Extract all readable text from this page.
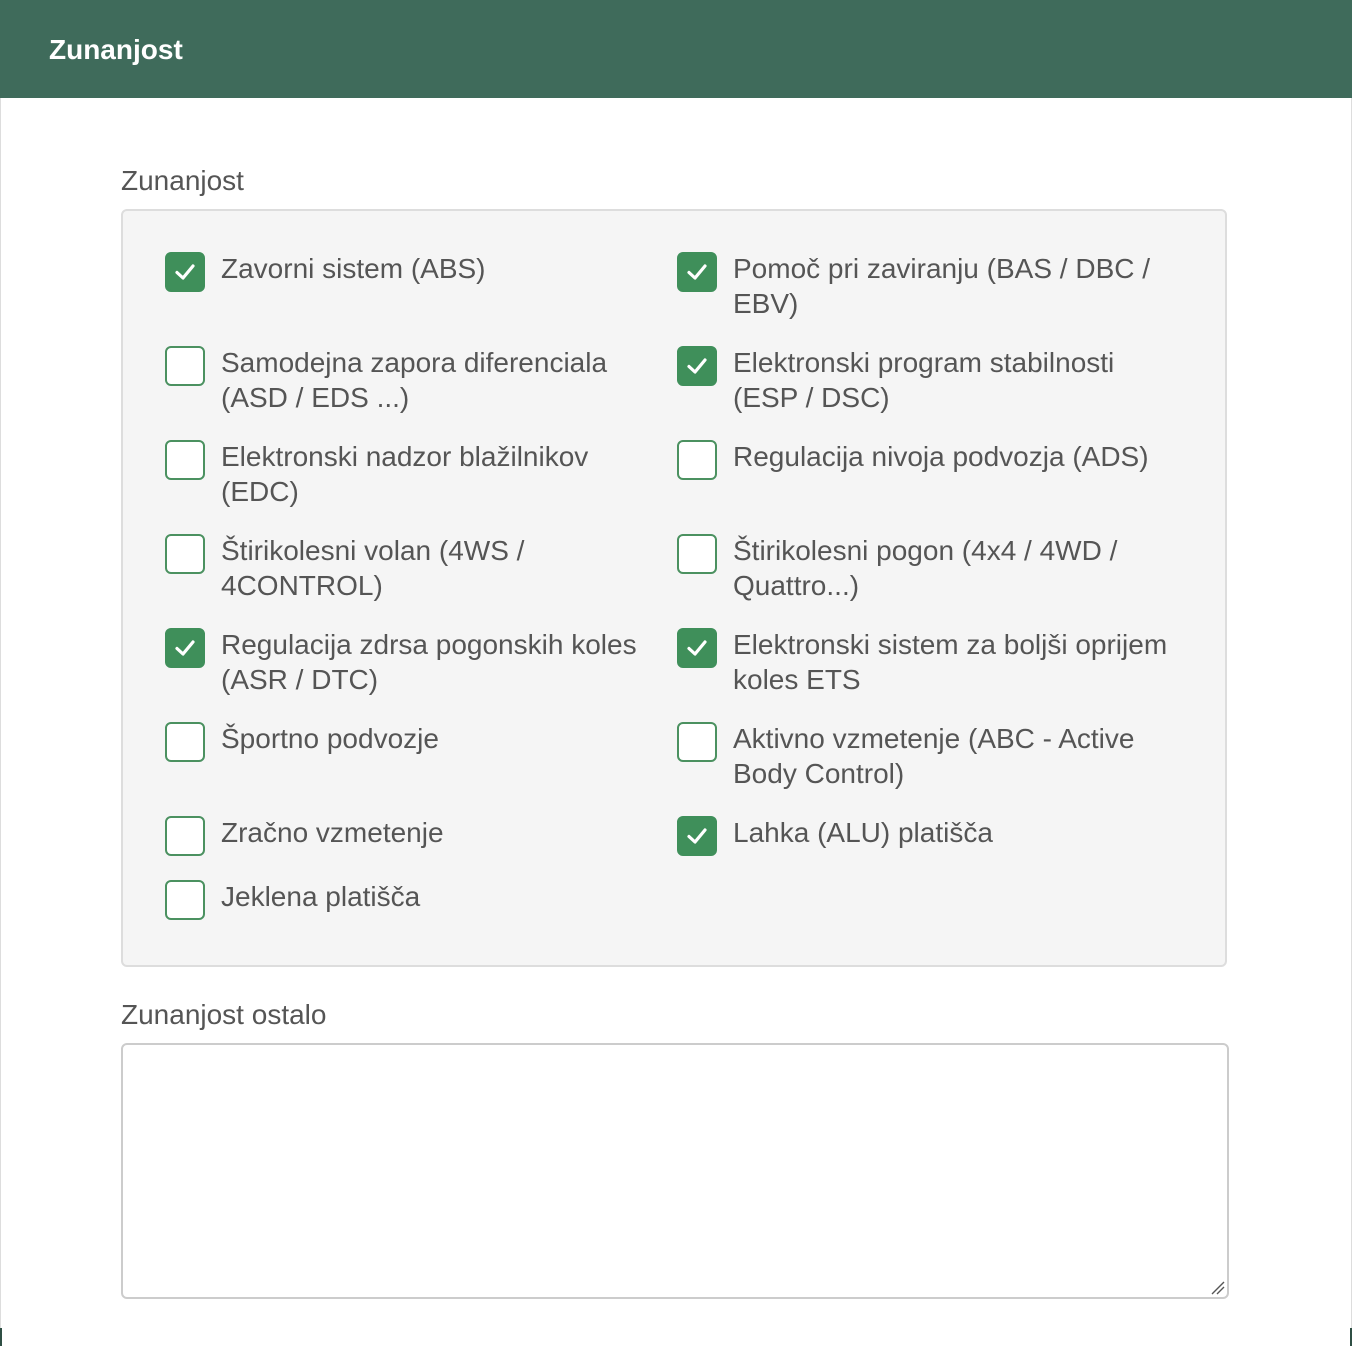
Zunanjost
Zunanjost
Zavorni sistem (ABS)	Pomoč pri zaviranju (BAS / DBC / EBV)
Samodejna zapora diferenciala (ASD / EDS ...)
Elektronski program stabilnosti (ESP / DSC)
Elektronski nadzor blažilnikov (EDC)
Regulacija nivoja podvozja (ADS)
Štirikolesni volan (4WS / 4CONTROL)
Štirikolesni pogon (4x4 / 4WD / Quattro...)
Regulacija zdrsa pogonskih koles (ASR / DTC)
Elektronski sistem za boljši oprijem koles ETS
Športno podvozje	Aktivno vzmetenje (ABC - Active Body Control)
Zračno vzmetenje	Lahka (ALU) platišča
Jeklena platišča
Zunanjost ostalo
